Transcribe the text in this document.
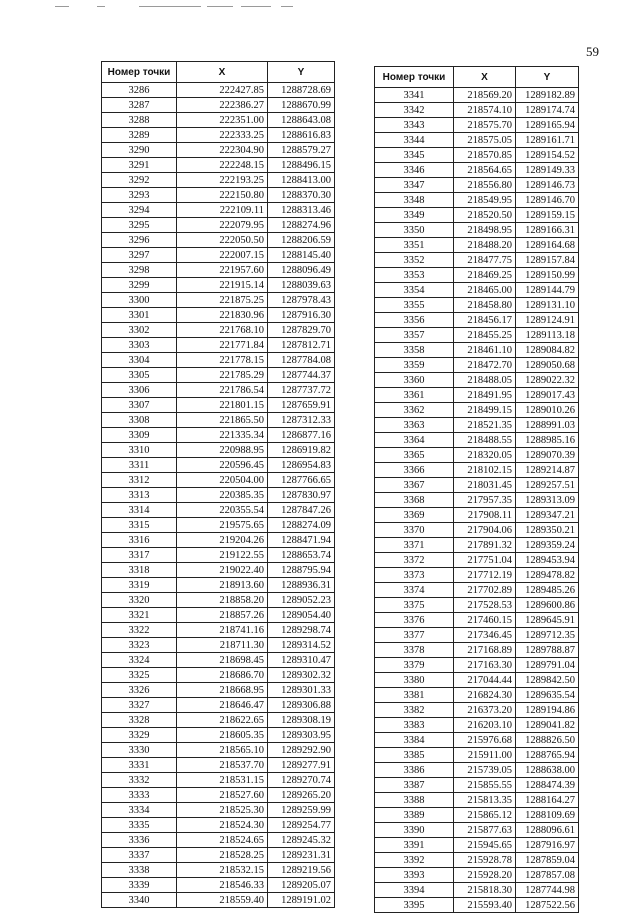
59
Номер точки	X	Y
3286	222427.85	1288728.69
3287	222386.27	1288670.99
3288	222351.00	1288643.08
3289	222333.25	1288616.83
3290	222304.90	1288579.27
3291	222248.15	1288496.15
3292	222193.25	1288413.00
3293	222150.80	1288370.30
3294	222109.11	1288313.46
3295	222079.95	1288274.96
3296	222050.50	1288206.59
3297	222007.15	1288145.40
3298	221957.60	1288096.49
3299	221915.14	1288039.63
3300	221875.25	1287978.43
3301	221830.96	1287916.30
3302	221768.10	1287829.70
3303	221771.84	1287812.71
3304	221778.15	1287784.08
3305	221785.29	1287744.37
3306	221786.54	1287737.72
3307	221801.15	1287659.91
3308	221865.50	1287312.33
3309	221335.34	1286877.16
3310	220988.95	1286919.82
3311	220596.45	1286954.83
3312	220504.00	1287766.65
3313	220385.35	1287830.97
3314	220355.54	1287847.26
3315	219575.65	1288274.09
3316	219204.26	1288471.94
3317	219122.55	1288653.74
3318	219022.40	1288795.94
3319	218913.60	1288936.31
3320	218858.20	1289052.23
3321	218857.26	1289054.40
3322	218741.16	1289298.74
3323	218711.30	1289314.52
3324	218698.45	1289310.47
3325	218686.70	1289302.32
3326	218668.95	1289301.33
3327	218646.47	1289306.88
3328	218622.65	1289308.19
3329	218605.35	1289303.95
3330	218565.10	1289292.90
3331	218537.70	1289277.91
3332	218531.15	1289270.74
3333	218527.60	1289265.20
3334	218525.30	1289259.99
3335	218524.30	1289254.77
3336	218524.65	1289245.32
3337	218528.25	1289231.31
3338	218532.15	1289219.56
3339	218546.33	1289205.07
3340	218559.40	1289191.02
Номер точки	X	Y
3341	218569.20	1289182.89
3342	218574.10	1289174.74
3343	218575.70	1289165.94
3344	218575.05	1289161.71
3345	218570.85	1289154.52
3346	218564.65	1289149.33
3347	218556.80	1289146.73
3348	218549.95	1289146.70
3349	218520.50	1289159.15
3350	218498.95	1289166.31
3351	218488.20	1289164.68
3352	218477.75	1289157.84
3353	218469.25	1289150.99
3354	218465.00	1289144.79
3355	218458.80	1289131.10
3356	218456.17	1289124.91
3357	218455.25	1289113.18
3358	218461.10	1289084.82
3359	218472.70	1289050.68
3360	218488.05	1289022.32
3361	218491.95	1289017.43
3362	218499.15	1289010.26
3363	218521.35	1288991.03
3364	218488.55	1288985.16
3365	218320.05	1289070.39
3366	218102.15	1289214.87
3367	218031.45	1289257.51
3368	217957.35	1289313.09
3369	217908.11	1289347.21
3370	217904.06	1289350.21
3371	217891.32	1289359.24
3372	217751.04	1289453.94
3373	217712.19	1289478.82
3374	217702.89	1289485.26
3375	217528.53	1289600.86
3376	217460.15	1289645.91
3377	217346.45	1289712.35
3378	217168.89	1289788.87
3379	217163.30	1289791.04
3380	217044.44	1289842.50
3381	216824.30	1289635.54
3382	216373.20	1289194.86
3383	216203.10	1289041.82
3384	215976.68	1288826.50
3385	215911.00	1288765.94
3386	215739.05	1288638.00
3387	215855.55	1288474.39
3388	215813.35	1288164.27
3389	215865.12	1288109.69
3390	215877.63	1288096.61
3391	215945.65	1287916.97
3392	215928.78	1287859.04
3393	215928.20	1287857.08
3394	215818.30	1287744.98
3395	215593.40	1287522.56
